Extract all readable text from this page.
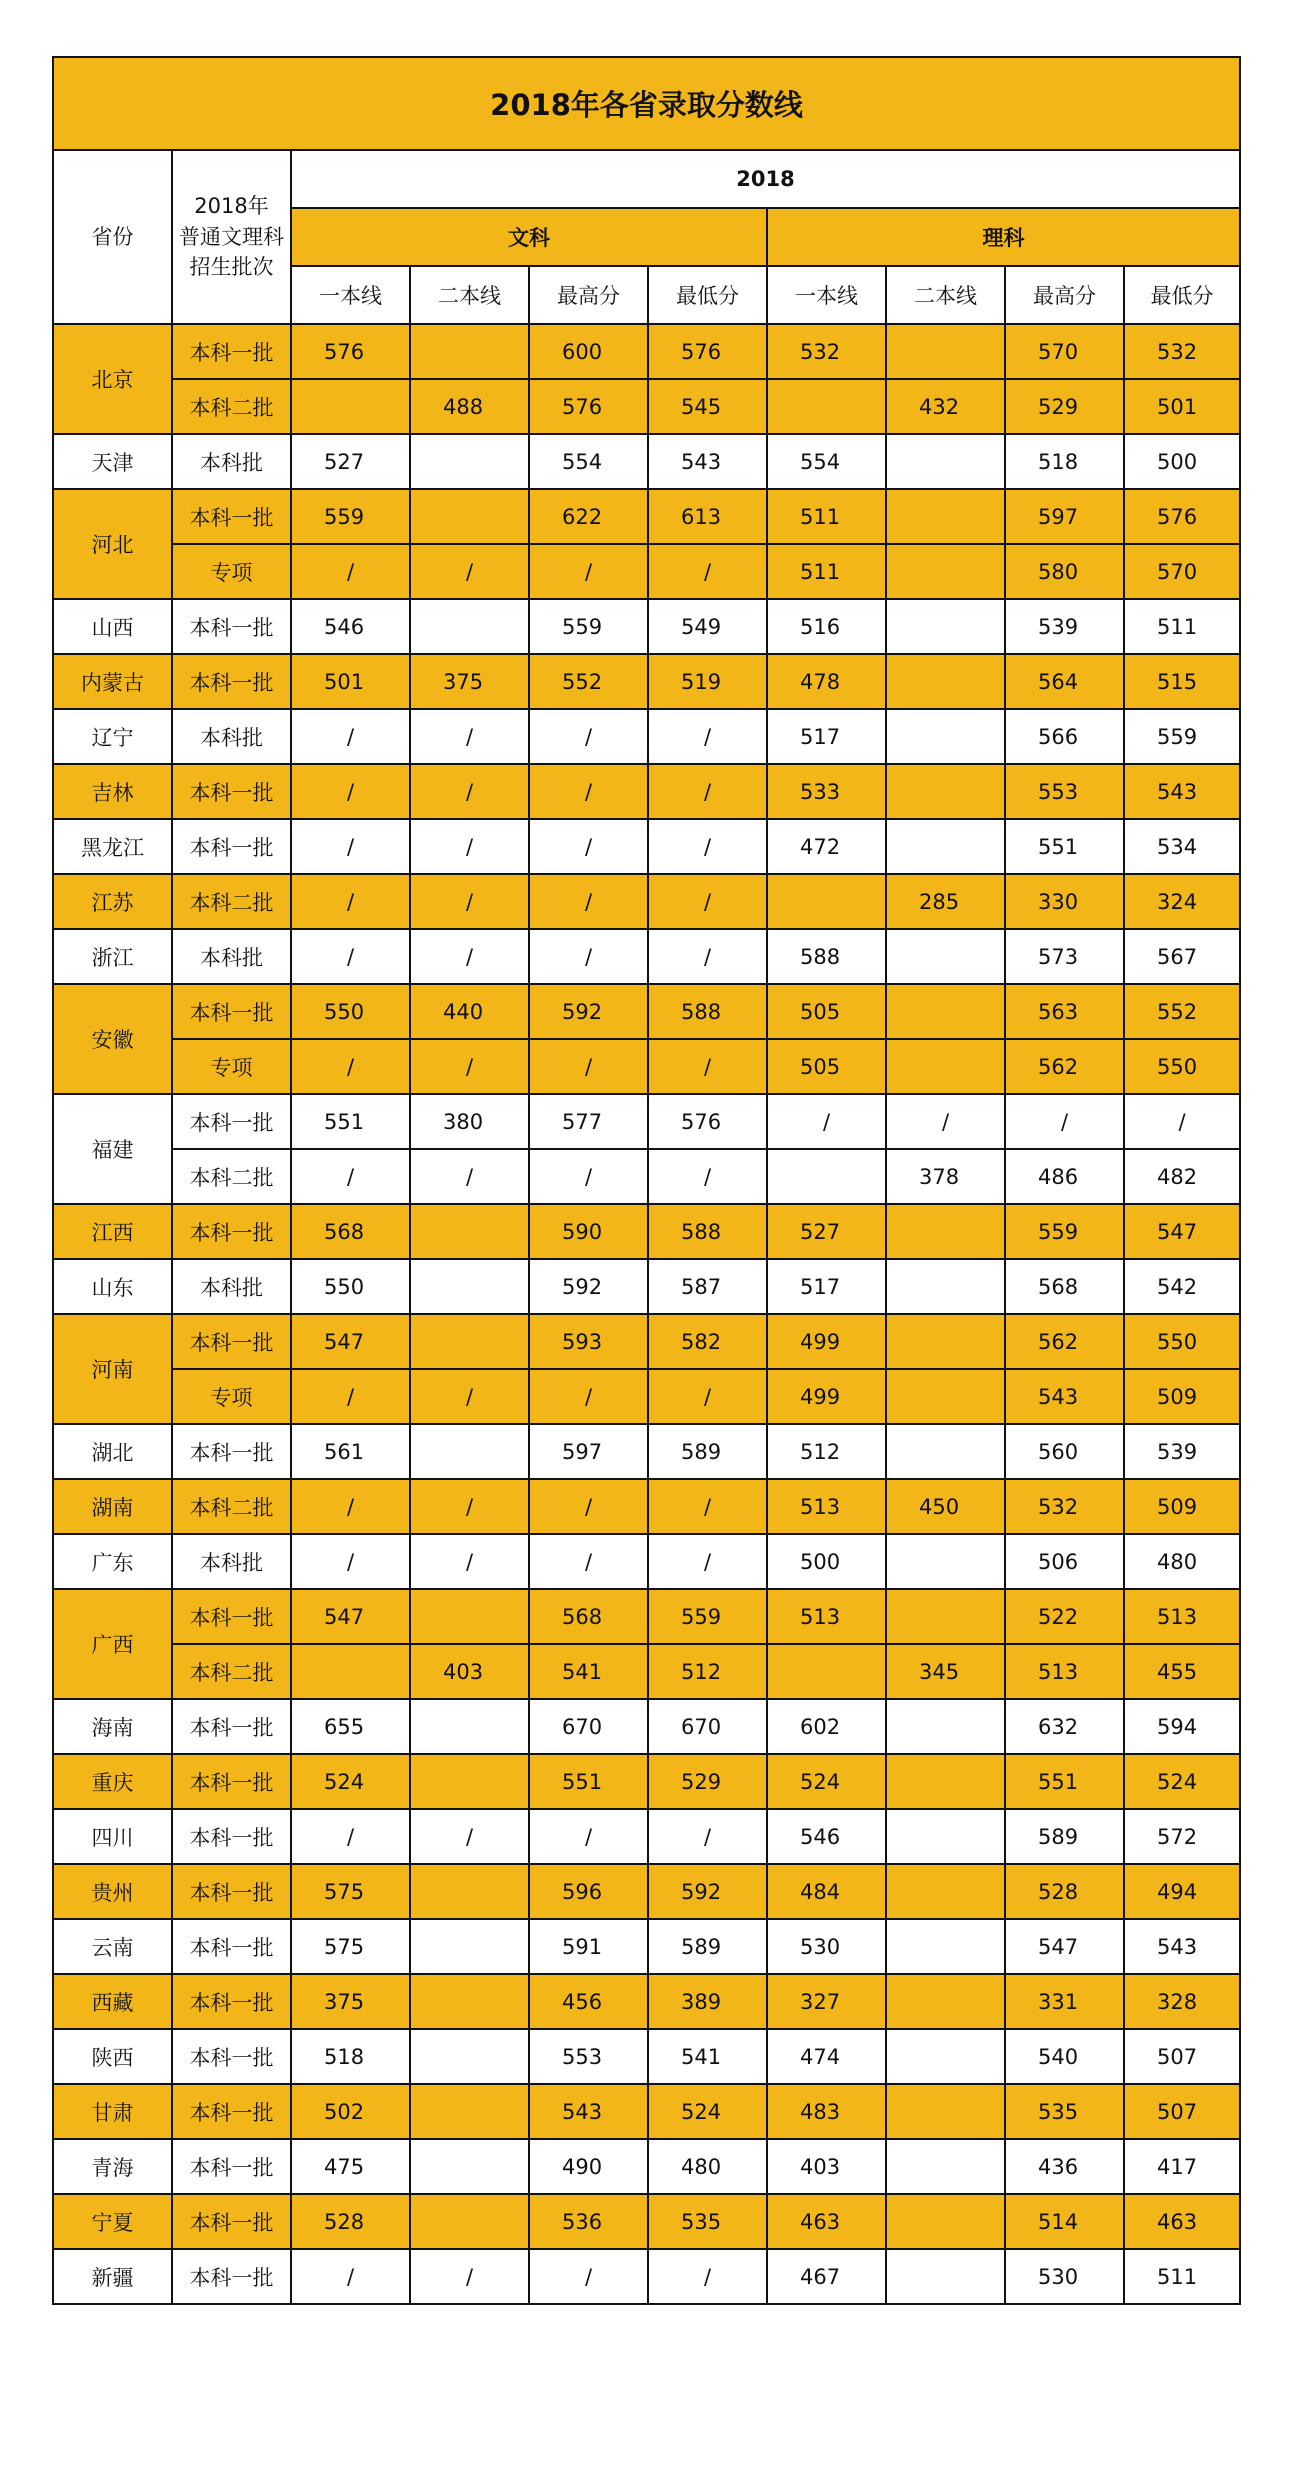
2018年各省录取分数线									
省份	2018年
普通文理科
招生批次	2018							
		文科				理科			
		一本线	二本线	最高分	最低分	一本线	二本线	最高分	最低分
北京	本科一批	576		600	576	532		570	532
	本科二批		488	576	545		432	529	501
天津	本科批	527		554	543	554		518	500
河北	本科一批	559		622	613	511		597	576
	专项	/	/	/	/	511		580	570
山西	本科一批	546		559	549	516		539	511
内蒙古	本科一批	501	375	552	519	478		564	515
辽宁	本科批	/	/	/	/	517		566	559
吉林	本科一批	/	/	/	/	533		553	543
黑龙江	本科一批	/	/	/	/	472		551	534
江苏	本科二批	/	/	/	/		285	330	324
浙江	本科批	/	/	/	/	588		573	567
安徽	本科一批	550	440	592	588	505		563	552
	专项	/	/	/	/	505		562	550
福建	本科一批	551	380	577	576	/	/	/	/
	本科二批	/	/	/	/		378	486	482
江西	本科一批	568		590	588	527		559	547
山东	本科批	550		592	587	517		568	542
河南	本科一批	547		593	582	499		562	550
	专项	/	/	/	/	499		543	509
湖北	本科一批	561		597	589	512		560	539
湖南	本科二批	/	/	/	/	513	450	532	509
广东	本科批	/	/	/	/	500		506	480
广西	本科一批	547		568	559	513		522	513
	本科二批		403	541	512		345	513	455
海南	本科一批	655		670	670	602		632	594
重庆	本科一批	524		551	529	524		551	524
四川	本科一批	/	/	/	/	546		589	572
贵州	本科一批	575		596	592	484		528	494
云南	本科一批	575		591	589	530		547	543
西藏	本科一批	375		456	389	327		331	328
陕西	本科一批	518		553	541	474		540	507
甘肃	本科一批	502		543	524	483		535	507
青海	本科一批	475		490	480	403		436	417
宁夏	本科一批	528		536	535	463		514	463
新疆	本科一批	/	/	/	/	467		530	511
